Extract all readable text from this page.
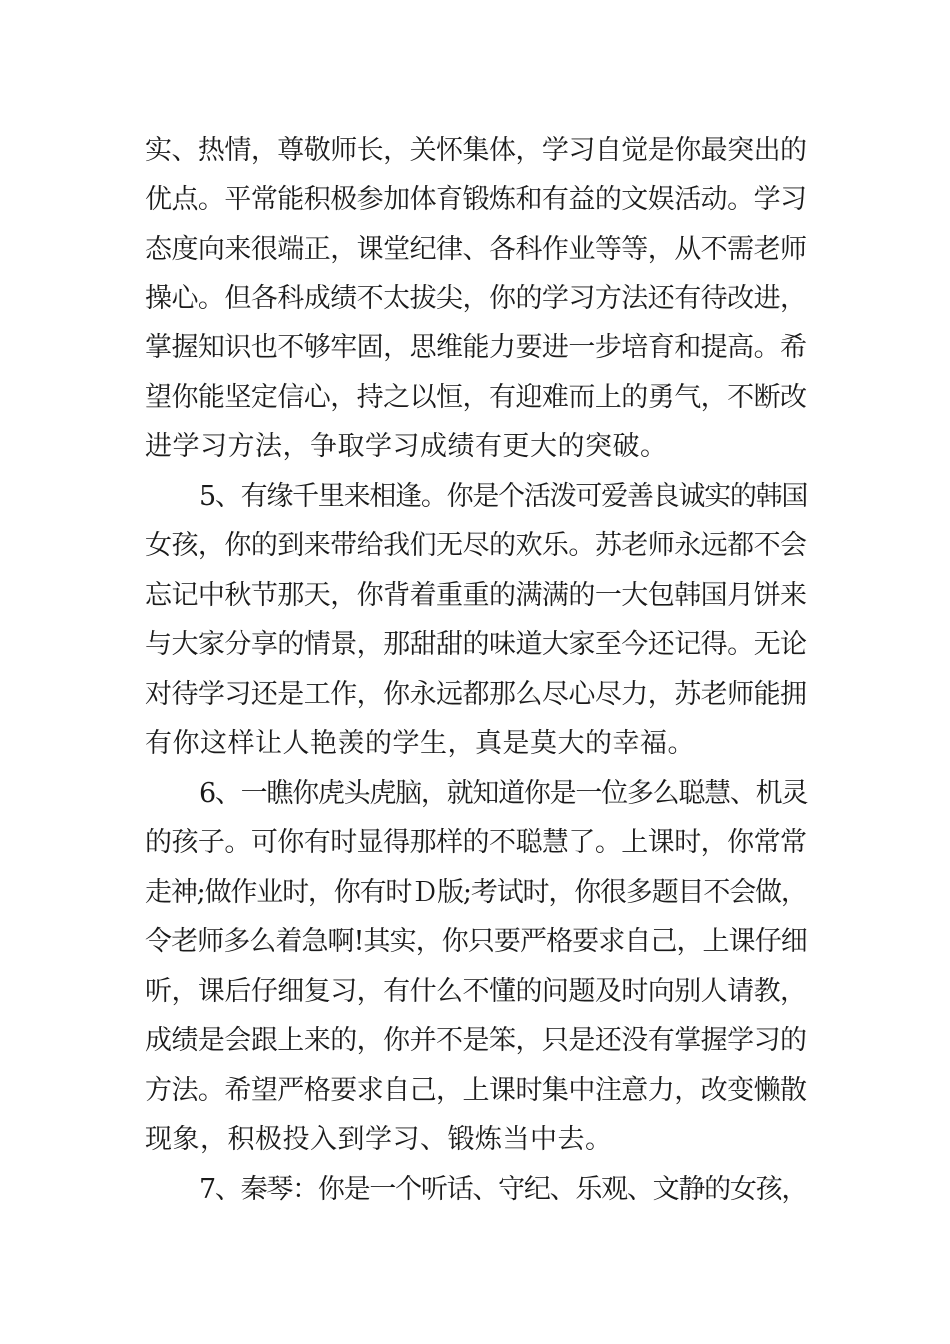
实、热情，尊敬师长，关怀集体，学习自觉是你最突出的
优点。平常能积极参加体育锻炼和有益的文娱活动。学习
态度向来很端正，课堂纪律、各科作业等等，从不需老师
操心。但各科成绩不太拔尖，你的学习方法还有待改进，
掌握知识也不够牢固，思维能力要进一步培育和提高。希
望你能坚定信心，持之以恒，有迎难而上的勇气，不断改
进学习方法，争取学习成绩有更大的突破。
5、有缘千里来相逢。你是个活泼可爱善良诚实的韩国
女孩，你的到来带给我们无尽的欢乐。苏老师永远都不会
忘记中秋节那天，你背着重重的满满的一大包韩国月饼来
与大家分享的情景，那甜甜的味道大家至今还记得。无论
对待学习还是工作，你永远都那么尽心尽力，苏老师能拥
有你这样让人艳羡的学生，真是莫大的幸福。
6、一瞧你虎头虎脑，就知道你是一位多么聪慧、机灵
的孩子。可你有时显得那样的不聪慧了。上课时，你常常
走神;做作业时，你有时Ｄ版;考试时，你很多题目不会做，
令老师多么着急啊!其实，你只要严格要求自己，上课仔细
听，课后仔细复习，有什么不懂的问题及时向别人请教，
成绩是会跟上来的，你并不是笨，只是还没有掌握学习的
方法。希望严格要求自己，上课时集中注意力，改变懒散
现象，积极投入到学习、锻炼当中去。
7、秦琴：你是一个听话、守纪、乐观、文静的女孩，
